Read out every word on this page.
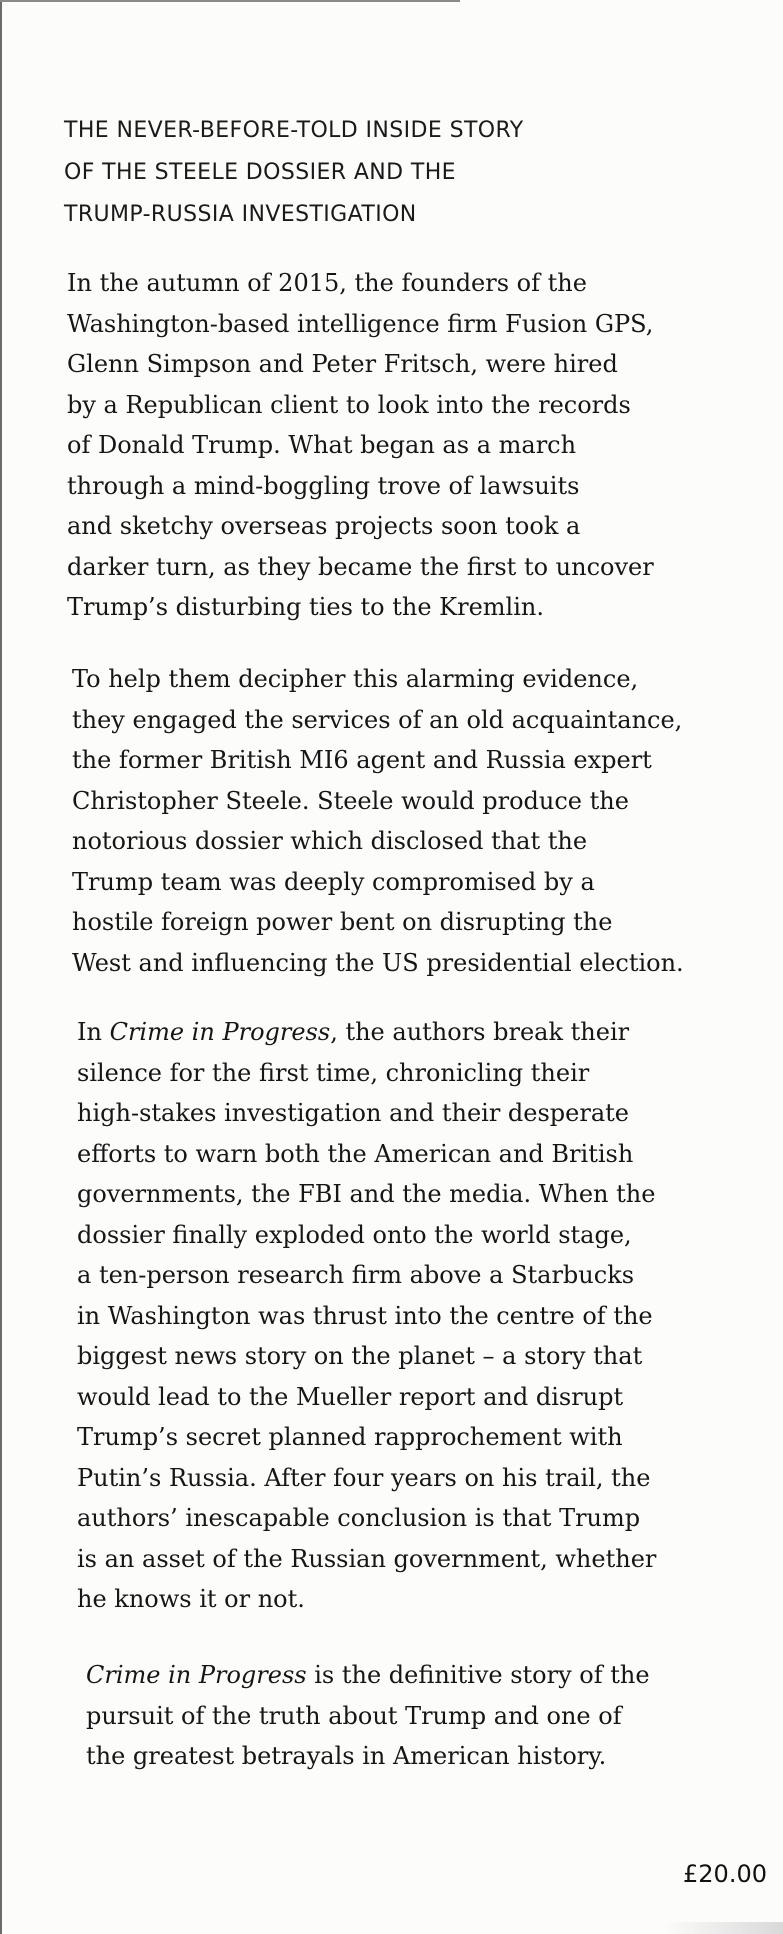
THE NEVER-BEFORE-TOLD INSIDE STORY
OF THE STEELE DOSSIER AND THE
TRUMP-RUSSIA INVESTIGATION

In the autumn of 2015, the founders of the
Washington-based intelligence firm Fusion GPS,
Glenn Simpson and Peter Fritsch, were hired
by a Republican client to look into the records
of Donald Trump. What began as a march
through a mind-boggling trove of lawsuits
and sketchy overseas projects soon took a
darker turn, as they became the first to uncover
Trump’s disturbing ties to the Kremlin.

To help them decipher this alarming evidence,
they engaged the services of an old acquaintance,
the former British MI6 agent and Russia expert
Christopher Steele. Steele would produce the
notorious dossier which disclosed that the
Trump team was deeply compromised by a
hostile foreign power bent on disrupting the
West and influencing the US presidential election.

In Crime in Progress, the authors break their
silence for the first time, chronicling their
high-stakes investigation and their desperate
efforts to warn both the American and British
governments, the FBI and the media. When the
dossier finally exploded onto the world stage,
a ten-person research firm above a Starbucks
in Washington was thrust into the centre of the
biggest news story on the planet – a story that
would lead to the Mueller report and disrupt
Trump’s secret planned rapprochement with
Putin’s Russia. After four years on his trail, the
authors’ inescapable conclusion is that Trump
is an asset of the Russian government, whether
he knows it or not.

Crime in Progress is the definitive story of the
pursuit of the truth about Trump and one of
the greatest betrayals in American history.

£20.00
